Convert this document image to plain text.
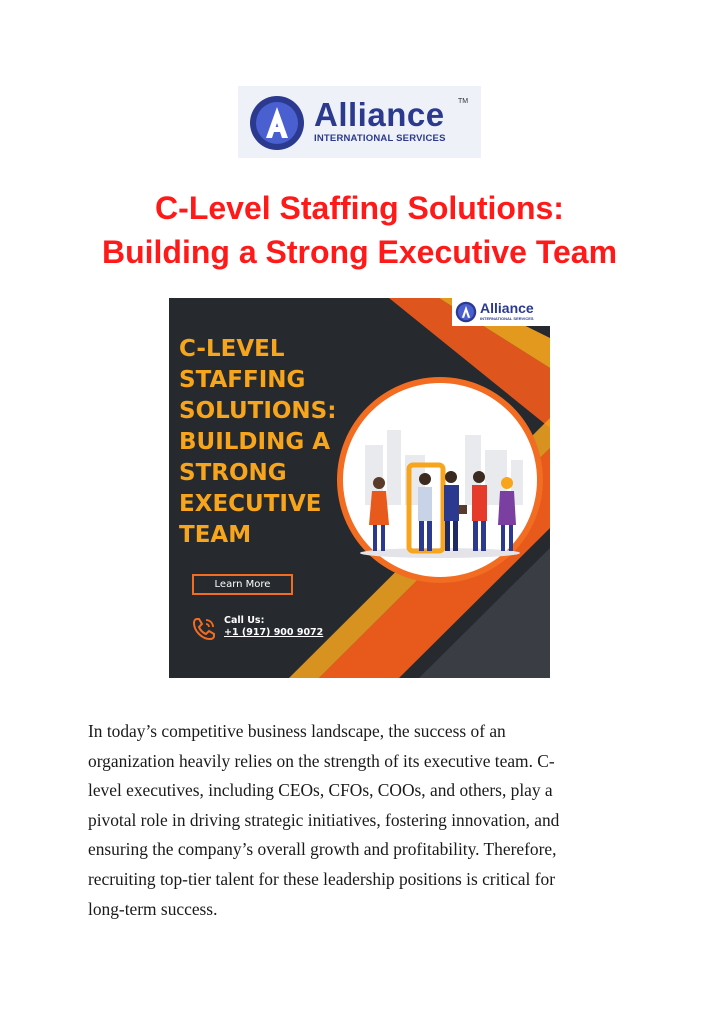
Alliance TM
INTERNATIONAL SERVICES
C-Level Staffing Solutions:
Building a Strong Executive Team
Alliance
INTERNATIONAL SERVICES
C-LEVEL
STAFFING
SOLUTIONS:
BUILDING A
STRONG
EXECUTIVE
TEAM
Learn More
Call Us:
+1 (917) 900 9072
In today’s competitive business landscape, the success of an
organization heavily relies on the strength of its executive team. C-
level executives, including CEOs, CFOs, COOs, and others, play a
pivotal role in driving strategic initiatives, fostering innovation, and
ensuring the company’s overall growth and profitability. Therefore,
recruiting top-tier talent for these leadership positions is critical for
long-term success.
